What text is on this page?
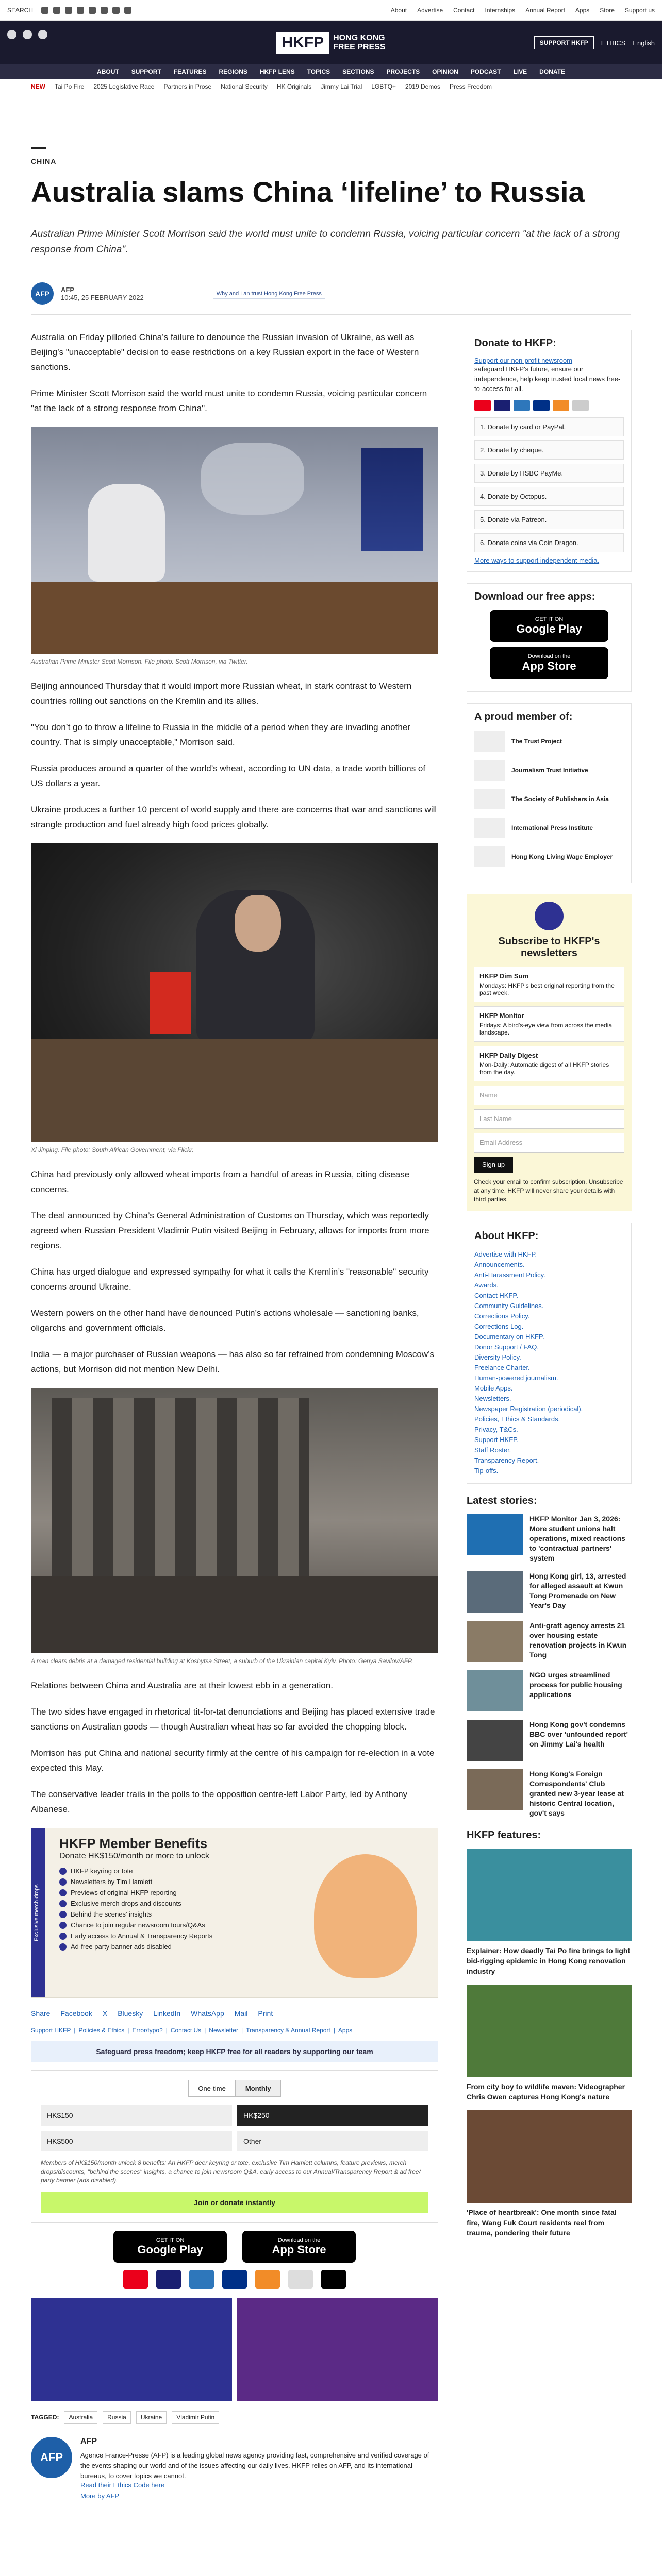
SEARCH	About Advertise Contact Internships Annual Report Apps Store Support us
HKFP	HONG KONG
FREE PRESS	SUPPORT HKFP	ETHICS English
ABOUT SUPPORT FEATURES REGIONS HKFP LENS TOPICS SECTIONS PROJECTS OPINION PODCAST LIVE DONATE
NEW Tai Po Fire 2025 Legislative Race Partners in Prose National Security HK Originals Jimmy Lai Trial LGBTQ+ 2019 Demos Press Freedom
CHINA
Australia slams China ‘lifeline’ to Russia
Australian Prime Minister Scott Morrison said the world must unite to condemn Russia, voicing particular concern "at the lack of a strong response from China".
AFP	AFP
10:45, 25 FEBRUARY 2022	Why and Lan trust Hong Kong Free Press

Australia on Friday pilloried China’s failure to denounce the Russian invasion of Ukraine, as well as Beijing’s "unacceptable" decision to ease restrictions on a key Russian export in the face of Western sanctions.

Prime Minister Scott Morrison said the world must unite to condemn Russia, voicing particular concern "at the lack of a strong response from China".

Australian Prime Minister Scott Morrison. File photo: Scott Morrison, via Twitter.

Beijing announced Thursday that it would import more Russian wheat, in stark contrast to Western countries rolling out sanctions on the Kremlin and its allies.

"You don’t go to throw a lifeline to Russia in the middle of a period when they are invading another country. That is simply unacceptable," Morrison said.

Russia produces around a quarter of the world’s wheat, according to UN data, a trade worth billions of US dollars a year.

Ukraine produces a further 10 percent of world supply and there are concerns that war and sanctions will strangle production and fuel already high food prices globally.

Xi Jinping. File photo: South African Government, via Flickr.

China had previously only allowed wheat imports from a handful of areas in Russia, citing disease concerns.

The deal announced by China’s General Administration of Customs on Thursday, which was reportedly agreed when Russian President Vladimir Putin visited Beijing in February, allows for imports from more regions.

China has urged dialogue and expressed sympathy for what it calls the Kremlin’s "reasonable" security concerns around Ukraine.

Western powers on the other hand have denounced Putin’s actions wholesale — sanctioning banks, oligarchs and government officials.

India — a major purchaser of Russian weapons — has also so far refrained from condemning Moscow’s actions, but Morrison did not mention New Delhi.

A man clears debris at a damaged residential building at Koshytsa Street, a suburb of the Ukrainian capital Kyiv. Photo: Genya Savilov/AFP.

Relations between China and Australia are at their lowest ebb in a generation.

The two sides have engaged in rhetorical tit-for-tat denunciations and Beijing has placed extensive trade sanctions on Australian goods — though Australian wheat has so far avoided the chopping block.

Morrison has put China and national security firmly at the centre of his campaign for re-election in a vote expected this May.

The conservative leader trails in the polls to the opposition centre-left Labor Party, led by Anthony Albanese.

Exclusive merch drops
HKFP Member Benefits
Donate HK$150/month or more to unlock
HKFP keyring or tote
Newsletters by Tim Hamlett
Previews of original HKFP reporting
Exclusive merch drops and discounts
Behind the scenes' insights
Chance to join regular newsroom tours/Q&As
Early access to Annual & Transparency Reports
Ad-free party banner ads disabled
Share Facebook X Bluesky LinkedIn WhatsApp Mail Print
Support HKFP | Policies & Ethics | Error/typo? | Contact Us | Newsletter | Transparency & Annual Report | Apps
Safeguard press freedom; keep HKFP free for all readers by supporting our team
One-time	Monthly
HK$150	HK$250
HK$500	Other
Members of HK$150/month unlock 8 benefits: An HKFP deer keyring or tote, exclusive Tim Hamlett columns, feature previews, merch drops/discounts, "behind the scenes" insights, a chance to join newsroom Q&A, early access to our Annual/Transparency Report & ad free/ party banner (ads disabled).
Join or donate instantly
GET IT ON
Google Play
Download on the
App Store
TAGGED:	Australia	Russia	Ukraine	Vladimir Putin
AFP
AFP
Agence France-Presse (AFP) is a leading global news agency providing fast, comprehensive and verified coverage of the events shaping our world and of the issues affecting our daily lives. HKFP relies on AFP, and its international bureaus, to cover topics we cannot.
Read their Ethics Code here
More by AFP
Donate to HKFP:
Support our non-profit newsroom
safeguard HKFP's future, ensure our independence, help keep trusted local news free-to-access for all.
1. Donate by card or PayPal.
2. Donate by cheque.
3. Donate by HSBC PayMe.
4. Donate by Octopus.
5. Donate via Patreon.
6. Donate coins via Coin Dragon.
More ways to support independent media.
Download our free apps:
GET IT ON
Google Play
Download on the
App Store
A proud member of:
The Trust Project
Journalism Trust Initiative
The Society of Publishers in Asia
International Press Institute
Hong Kong Living Wage Employer
Subscribe to HKFP's newsletters
HKFP Dim Sum
Mondays: HKFP's best original reporting from the past week.
HKFP Monitor
Fridays: A bird's-eye view from across the media landscape.
HKFP Daily Digest
Mon-Daily: Automatic digest of all HKFP stories from the day.
Name
Last Name
Email Address
Sign up
Check your email to confirm subscription. Unsubscribe at any time. HKFP will never share your details with third parties.
About HKFP:
Advertise with HKFP.
Announcements.
Anti-Harassment Policy.
Awards.
Contact HKFP.
Community Guidelines.
Corrections Policy.
Corrections Log.
Documentary on HKFP.
Donor Support / FAQ.
Diversity Policy.
Freelance Charter.
Human-powered journalism.
Mobile Apps.
Newsletters.
Newspaper Registration (periodical).
Policies, Ethics & Standards.
Privacy, T&Cs.
Support HKFP.
Staff Roster.
Transparency Report.
Tip-offs.
Latest stories:
HKFP Monitor Jan 3, 2026: More student unions halt operations, mixed reactions to 'contractual partners' system
Hong Kong girl, 13, arrested for alleged assault at Kwun Tong Promenade on New Year's Day
Anti-graft agency arrests 21 over housing estate renovation projects in Kwun Tong
NGO urges streamlined process for public housing applications
Hong Kong gov't condemns BBC over 'unfounded report' on Jimmy Lai's health
Hong Kong's Foreign Correspondents' Club granted new 3-year lease at historic Central location, gov't says
HKFP features:
Explainer: How deadly Tai Po fire brings to light bid-rigging epidemic in Hong Kong renovation industry
From city boy to wildlife maven: Videographer Chris Owen captures Hong Kong's nature
'Place of heartbreak': One month since fatal fire, Wang Fuk Court residents reel from trauma, pondering their future
